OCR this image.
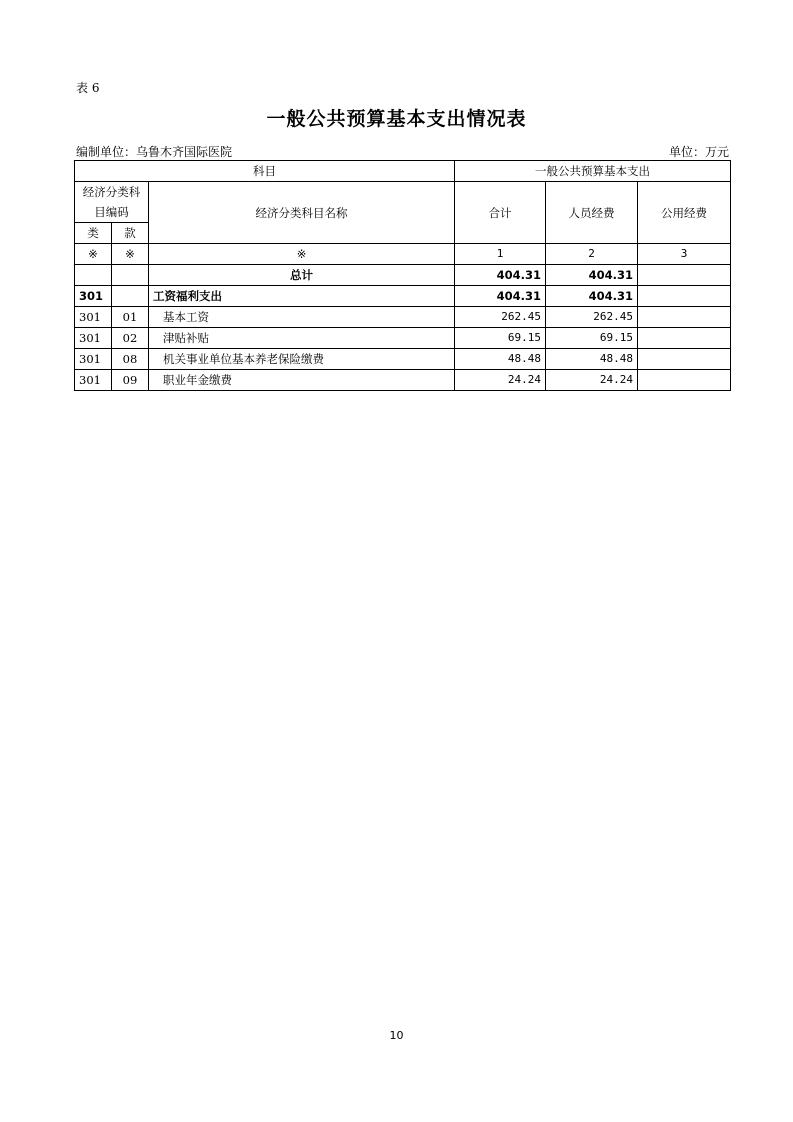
表 6
一般公共预算基本支出情况表
编制单位：乌鲁木齐国际医院	单位：万元
科目			一般公共预算基本支出		
经济分类科目编码		经济分类科目名称	合计	人员经费	公用经费
类	款				
※	※	※	1	2	3
		总计	404.31	404.31	
301		工资福利支出	404.31	404.31	
301	01	基本工资	262.45	262.45	
301	02	津贴补贴	69.15	69.15	
301	08	机关事业单位基本养老保险缴费	48.48	48.48	
301	09	职业年金缴费	24.24	24.24	
10
